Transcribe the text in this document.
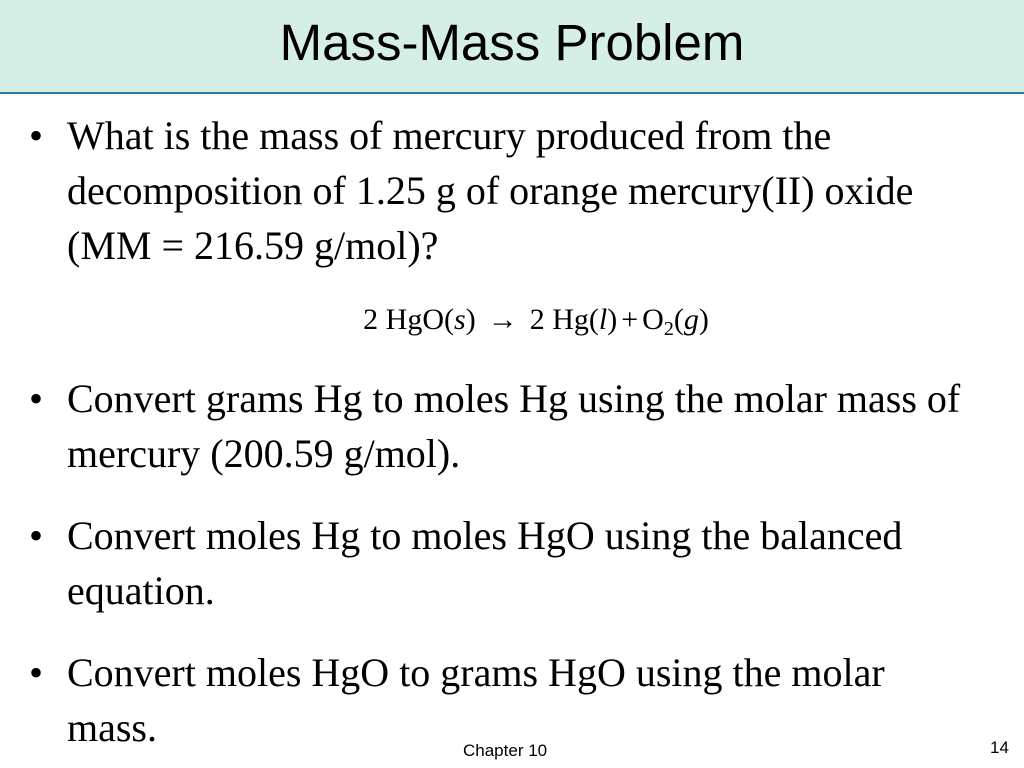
Mass-Mass Problem
• What is the mass of mercury produced from the decomposition of 1.25 g of orange mercury(II) oxide (MM = 216.59 g/mol)?
2 HgO(s) → 2 $Hg(l) + O_2(g)$
• Convert grams Hg to moles Hg using the molar mass of mercury (200.59 g/mol).
• Convert moles Hg to moles HgO using the balanced equation.
• Convert moles HgO to grams HgO using the molar mass.
Chapter 10	14
